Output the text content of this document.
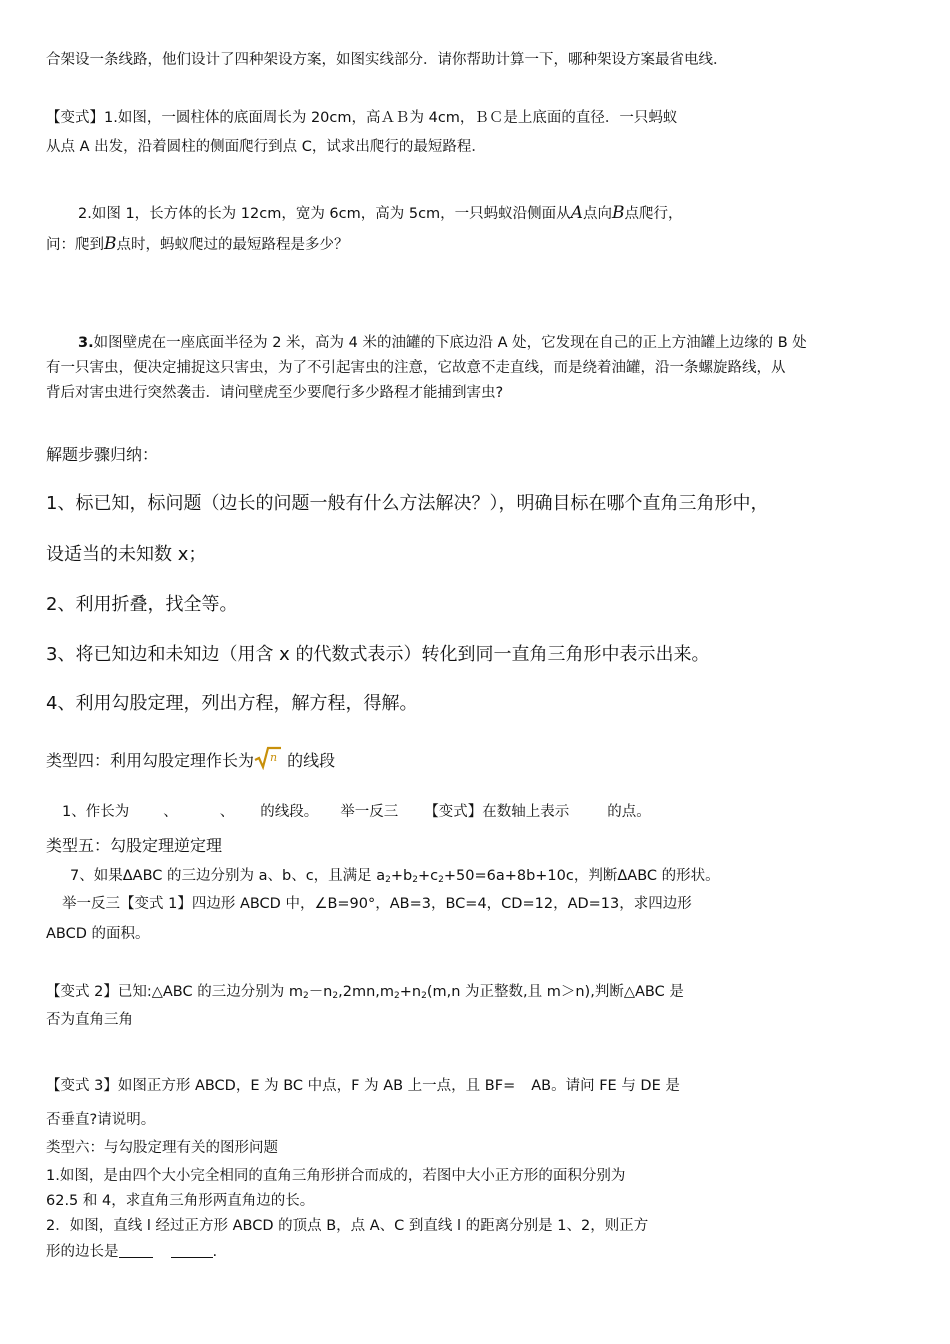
合架设一条线路，他们设计了四种架设方案，如图实线部分．请你帮助计算一下，哪种架设方案最省电线．
【变式】1.如图，一圆柱体的底面周长为 20cm，高ＡＢ为 4cm，ＢＣ是上底面的直径．一只蚂蚁
从点 A 出发，沿着圆柱的侧面爬行到点 C，试求出爬行的最短路程．
2.如图 1，长方体的长为 12cm，宽为 6cm，高为 5cm，一只蚂蚁沿侧面从A点向B点爬行，
问：爬到B点时，蚂蚁爬过的最短路程是多少？
3.如图壁虎在一座底面半径为 2 米，高为 4 米的油罐的下底边沿 A 处，它发现在自己的正上方油罐上边缘的 B 处
有一只害虫，便决定捕捉这只害虫，为了不引起害虫的注意，它故意不走直线，而是绕着油罐，沿一条螺旋路线，从
背后对害虫进行突然袭击．请问壁虎至少要爬行多少路程才能捕到害虫?
解题步骤归纳：
1、标已知，标问题（边长的问题一般有什么方法解决？），明确目标在哪个直角三角形中，
设适当的未知数 x；
2、利用折叠，找全等。
3、将已知边和未知边（用含 x 的代数式表示）转化到同一直角三角形中表示出来。
4、利用勾股定理，列出方程，解方程，得解。
类型四：利用勾股定理作长为 n 的线段
1、作长为 、	、 的线段。 举一反三 【变式】在数轴上表示	的点。
类型五：勾股定理逆定理
7、如果ΔABC 的三边分别为 a、b、c，且满足 $a^2+b^2+c^2+50=6a+8b+10c$，判断ΔABC 的形状。
举一反三【变式 1】四边形 ABCD 中，∠B=90°，AB=3，BC=4，CD=12，AD=13，求四边形
ABCD 的面积。
【变式 2】已知:△ABC 的三边分别为 $m^2-n^2,2mn,m^2+n^2(m,n$ 为正整数,且 m＞n),判断△ABC 是
否为直角三角
【变式 3】如图正方形 ABCD，E 为 BC 中点，F 为 AB 上一点，且 BF= AB。请问 FE 与 DE 是
否垂直?请说明。
类型六：与勾股定理有关的图形问题
1.如图，是由四个大小完全相同的直角三角形拼合而成的，若图中大小正方形的面积分别为
62.5 和 4，求直角三角形两直角边的长。
2．如图，直线 l 经过正方形 ABCD 的顶点 B，点 A、C 到直线 l 的距离分别是 1、2，则正方
形的边长是	.
